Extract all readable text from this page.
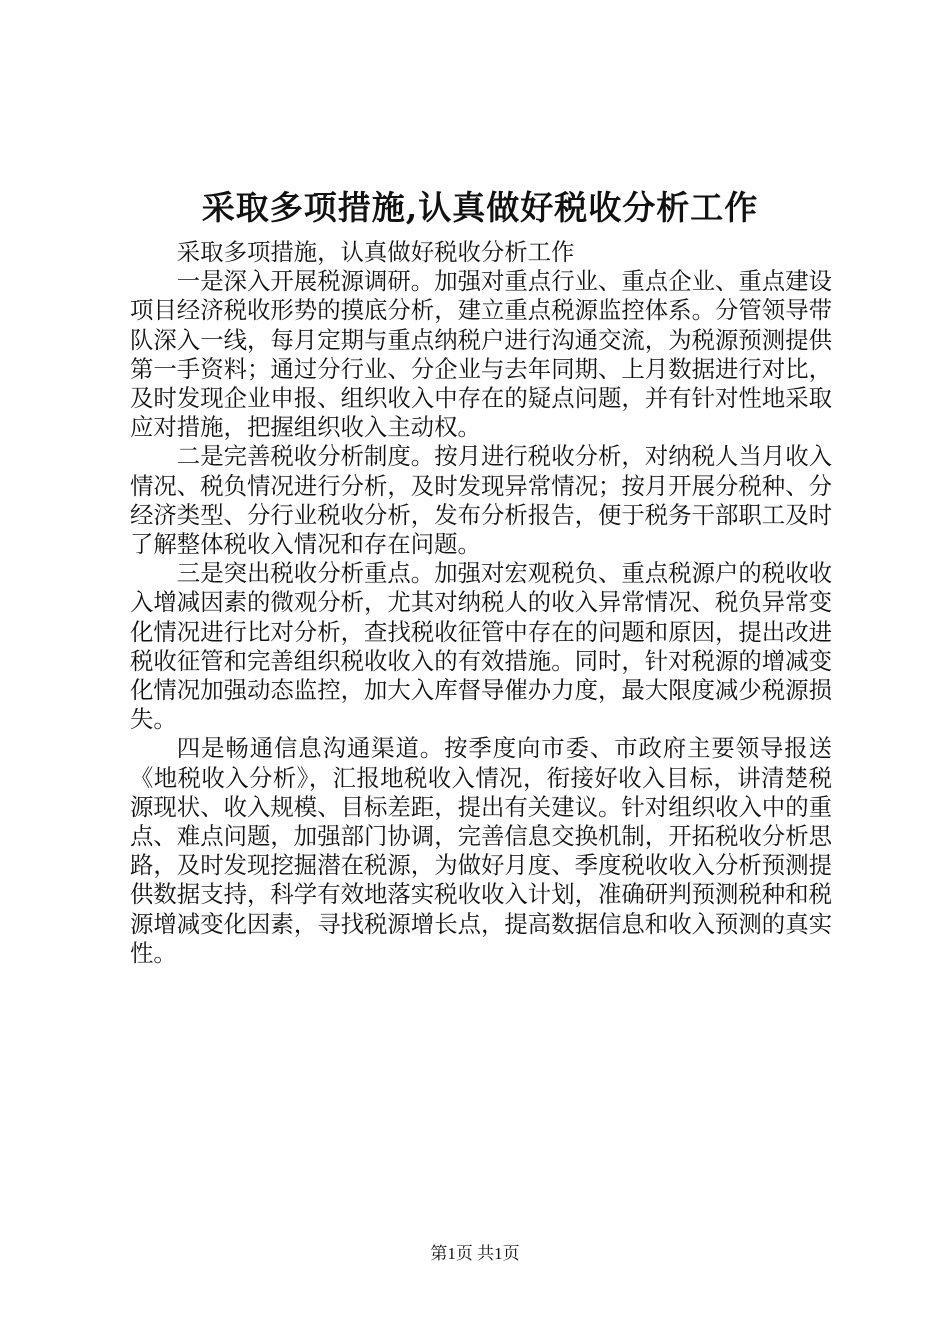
采取多项措施,认真做好税收分析工作

采取多项措施，认真做好税收分析工作

一是深入开展税源调研。加强对重点行业、重点企业、重点建设项目经济税收形势的摸底分析，建立重点税源监控体系。分管领导带队深入一线，每月定期与重点纳税户进行沟通交流，为税源预测提供第一手资料；通过分行业、分企业与去年同期、上月数据进行对比，及时发现企业申报、组织收入中存在的疑点问题，并有针对性地采取应对措施，把握组织收入主动权。

二是完善税收分析制度。按月进行税收分析，对纳税人当月收入情况、税负情况进行分析，及时发现异常情况；按月开展分税种、分经济类型、分行业税收分析，发布分析报告，便于税务干部职工及时了解整体税收入情况和存在问题。

三是突出税收分析重点。加强对宏观税负、重点税源户的税收收入增减因素的微观分析，尤其对纳税人的收入异常情况、税负异常变化情况进行比对分析，查找税收征管中存在的问题和原因，提出改进税收征管和完善组织税收收入的有效措施。同时，针对税源的增减变化情况加强动态监控，加大入库督导催办力度，最大限度减少税源损失。

四是畅通信息沟通渠道。按季度向市委、市政府主要领导报送《地税收入分析》，汇报地税收入情况，衔接好收入目标，讲清楚税源现状、收入规模、目标差距，提出有关建议。针对组织收入中的重点、难点问题，加强部门协调，完善信息交换机制，开拓税收分析思路，及时发现挖掘潜在税源，为做好月度、季度税收收入分析预测提供数据支持，科学有效地落实税收收入计划，准确研判预测税种和税源增减变化因素，寻找税源增长点，提高数据信息和收入预测的真实性。

第1页 共1页
